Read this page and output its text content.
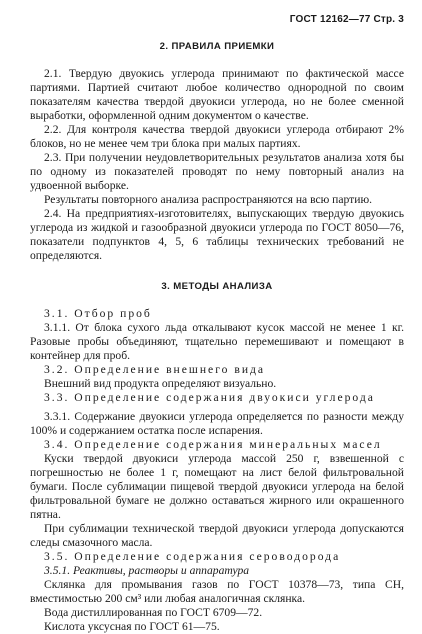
ГОСТ 12162—77 Стр. 3
2. ПРАВИЛА ПРИЕМКИ

2.1. Твердую двуокись углерода принимают по фактической массе партиями. Партией считают любое количество однородной по своим показателям качества твердой двуокиси углерода, но не более сменной выработки, оформленной одним документом о качестве.

2.2. Для контроля качества твердой двуокиси углерода отбирают 2% блоков, но не менее чем три блока при малых партиях.

2.3. При получении неудовлетворительных результатов анализа хотя бы по одному из показателей проводят по нему повторный анализ на удвоенной выборке.

Результаты повторного анализа распространяются на всю партию.

2.4. На предприятиях-изготовителях, выпускающих твердую двуокись углерода из жидкой и газообразной двуокиси углерода по ГОСТ 8050—76, показатели подпунктов 4, 5, 6 таблицы технических требований не определяются.

3. МЕТОДЫ АНАЛИЗА

3.1. Отбор проб

3.1.1. От блока сухого льда откалывают кусок массой не менее 1 кг. Разовые пробы объединяют, тщательно перемешивают и помещают в контейнер для проб.

3.2. Определение внешнего вида

Внешний вид продукта определяют визуально.

3.3. Определение содержания двуокиси углерода

3.3.1. Содержание двуокиси углерода определяется по разности между 100% и содержанием остатка после испарения.

3.4. Определение содержания минеральных масел

Куски твердой двуокиси углерода массой 250 г, взвешенной с погрешностью не более 1 г, помещают на лист белой фильтровальной бумаги. После сублимации пищевой твердой двуокиси углерода на белой фильтровальной бумаге не должно оставаться жирного или окрашенного пятна.

При сублимации технической твердой двуокиси углерода допускаются следы смазочного масла.

3.5. Определение содержания сероводорода

3.5.1. Реактивы, растворы и аппаратура

Склянка для промывания газов по ГОСТ 10378—73, типа СН, вместимостью 200 см³ или любая аналогичная склянка.

Вода дистиллированная по ГОСТ 6709—72.

Кислота уксусная по ГОСТ 61—75.
